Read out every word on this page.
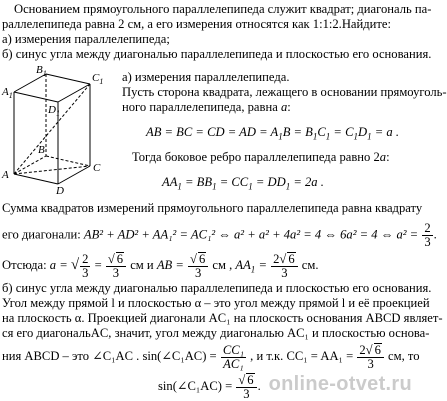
Основанием прямоугольного параллелепипеда служит квадрат; диагональ па-
раллелепипеда равна 2 см, а его измерения относятся как 1:1:2.Найдите:
а) измерения параллелепипеда;
б) синус угла между диагональю параллелепипеда и плоскостью его основания.
A
D
C
B
$A_1$
$D_1$
$C_1$
$B_1$	а) измерения параллелепипеда.
Пусть сторона квадрата, лежащего в основании прямоуголь-
ного параллелепипеда, равна a:
AB = BC = CD = AD = $A_1B = B_1C_1 = C_1D_1 = a$ .
Тогда боковое ребро параллелепипеда равно 2a:
$AA_1 = BB_1 = CC_1 = DD_1 = 2a$ .
Сумма квадратов измерений прямоугольного параллелепипеда равна квадрату
его диагонали: AB² + AD² + AA₁² = AC₁² ⇔ a² + a² + 4a² = 4 ⇔ 6a² = 4 ⇔ $a^2 = \frac{2}{3}$ .
Отсюда: a = √ $\frac{2}{3} = \frac{√ 6}{3}$ см и AB = $\frac{√ 6}{3}$ см , $AA_1 = \frac{2√ 6}{3}$ см.
б) синус угла между диагональю параллелепипеда и плоскостью его основания.
Угол между прямой l и плоскостью α – это угол между прямой l и её проекцией
на плоскость α. Проекцией диагонали AC₁ на плоскость основания ABCD являет-
ся его диагональAC, значит, угол между диагональю AC₁ и плоскостью основа-
ния ABCD – это ∠C₁AC . sin(∠C₁AC) = $\frac{\text{CC₁}}{\text{AC₁}}$ , и т.к. $CC_1 = AA_1 = \frac{2√ 6}{3}$ см, то
sin(∠C₁AC) = $\frac{√ 6}{3}$ . online-otvet.ru
